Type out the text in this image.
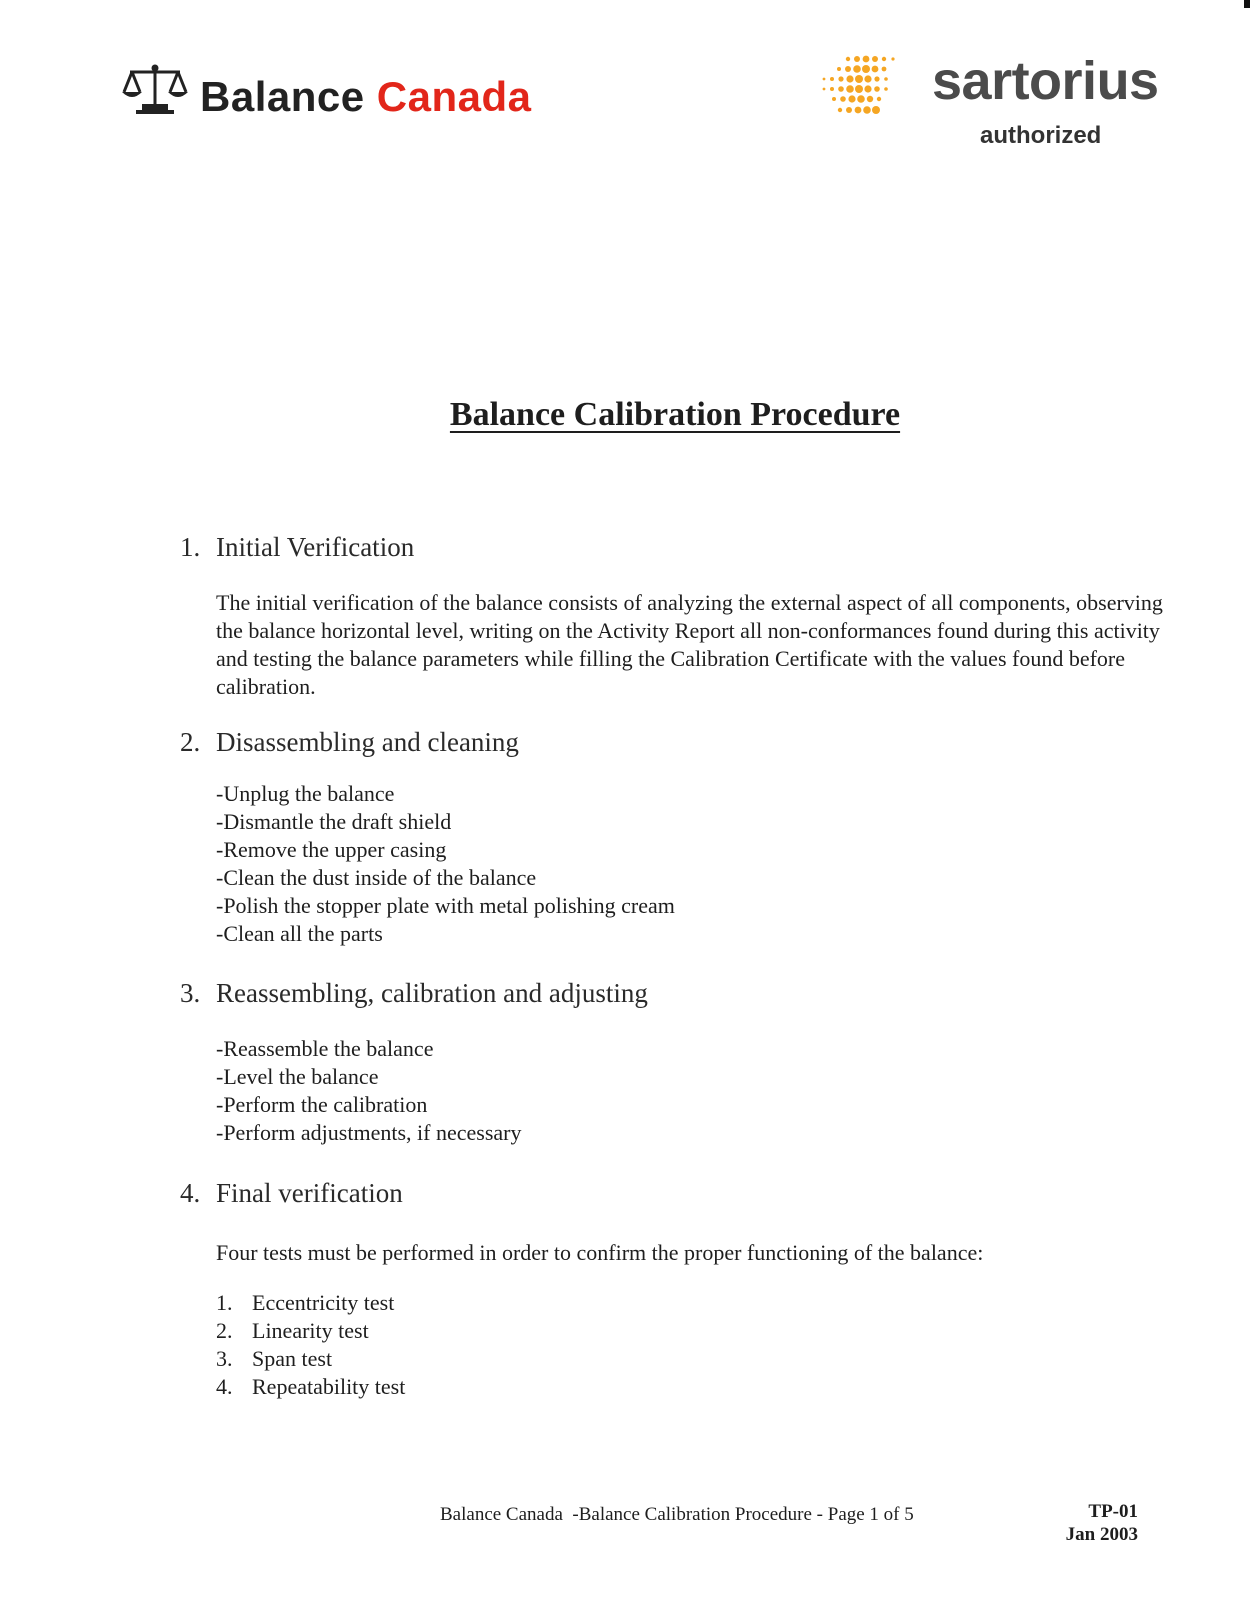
Balance Canada	sartorius
authorized
Balance Calibration Procedure
1. Initial Verification

The initial verification of the balance consists of analyzing the external aspect of all components, observing the balance horizontal level, writing on the Activity Report all non-conformances found during this activity and testing the balance parameters while filling the Calibration Certificate with the values found before calibration.

2. Disassembling and cleaning
-Unplug the balance
-Dismantle the draft shield
-Remove the upper casing
-Clean the dust inside of the balance
-Polish the stopper plate with metal polishing cream
-Clean all the parts
3. Reassembling, calibration and adjusting
-Reassemble the balance
-Level the balance
-Perform the calibration
-Perform adjustments, if necessary
4. Final verification

Four tests must be performed in order to confirm the proper functioning of the balance:

1. Eccentricity test
2. Linearity test
3. Span test
4. Repeatability test
Balance Canada  -Balance Calibration Procedure - Page 1 of 5	TP-01
Jan 2003
